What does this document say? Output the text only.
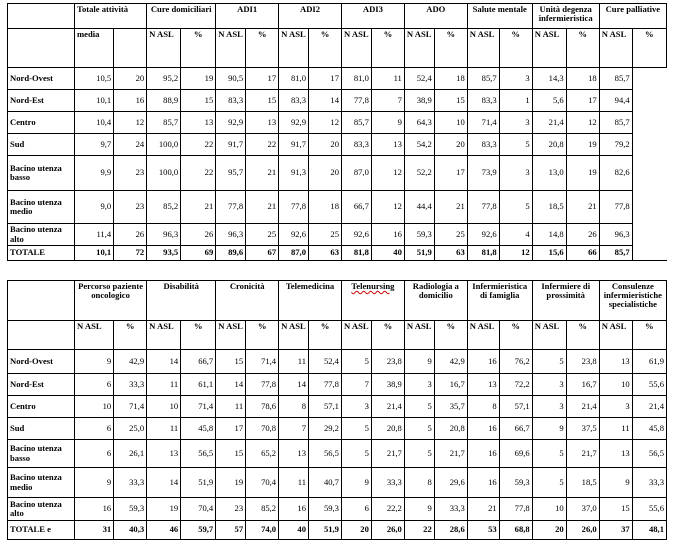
	Totale attività		Cure domiciliari		ADI1		ADI2		ADI3		ADO		Salute mentale		Unità degenza infermieristica		Cure palliative	
	media		N ASL	%	N ASL	%	N ASL	%	N ASL	%	N ASL	%	N ASL	%	N ASL	%	N ASL	%
Nord-Ovest	10,5	20	95,2	19	90,5	17	81,0	17	81,0	11	52,4	18	85,7	3	14,3	18	85,7	
Nord-Est	10,1	16	88,9	15	83,3	15	83,3	14	77,8	7	38,9	15	83,3	1	5,6	17	94,4	
Centro	10,4	12	85,7	13	92,9	13	92,9	12	85,7	9	64,3	10	71,4	3	21,4	12	85,7	
Sud	9,7	24	100,0	22	91,7	22	91,7	20	83,3	13	54,2	20	83,3	5	20,8	19	79,2	
Bacino utenza basso	9,9	23	100,0	22	95,7	21	91,3	20	87,0	12	52,2	17	73,9	3	13,0	19	82,6	
Bacino utenza medio	9,0	23	85,2	21	77,8	21	77,8	18	66,7	12	44,4	21	77,8	5	18,5	21	77,8	
Bacino utenza alto	11,4	26	96,3	26	96,3	25	92,6	25	92,6	16	59,3	25	92,6	4	14,8	26	96,3	
TOTALE	10,1	72	93,5	69	89,6	67	87,0	63	81,8	40	51,9	63	81,8	12	15,6	66	85,7	

	Percorso paziente oncologico		Disabilità		Cronicità		Telemedicina		Telenursing		Radiologia a domicilio		Infermieristica di famiglia		Infermiere di prossimità		Consulenze infermieristiche specialistiche	
	N ASL	%	N ASL	%	N ASL	%	N ASL	%	N ASL	%	N ASL	%	N ASL	%	N ASL	%	N ASL	%
Nord-Ovest	9	42,9	14	66,7	15	71,4	11	52,4	5	23,8	9	42,9	16	76,2	5	23,8	13	61,9
Nord-Est	6	33,3	11	61,1	14	77,8	14	77,8	7	38,9	3	16,7	13	72,2	3	16,7	10	55,6
Centro	10	71,4	10	71,4	11	78,6	8	57,1	3	21,4	5	35,7	8	57,1	3	21,4	3	21,4
Sud	6	25,0	11	45,8	17	70,8	7	29,2	5	20,8	5	20,8	16	66,7	9	37,5	11	45,8
Bacino utenza basso	6	26,1	13	56,5	15	65,2	13	56,5	5	21,7	5	21,7	16	69,6	5	21,7	13	56,5
Bacino utenza medio	9	33,3	14	51,9	19	70,4	11	40,7	9	33,3	8	29,6	16	59,3	5	18,5	9	33,3
Bacino utenza alto	16	59,3	19	70,4	23	85,2	16	59,3	6	22,2	9	33,3	21	77,8	10	37,0	15	55,6
TOTALE e	31	40,3	46	59,7	57	74,0	40	51,9	20	26,0	22	28,6	53	68,8	20	26,0	37	48,1
